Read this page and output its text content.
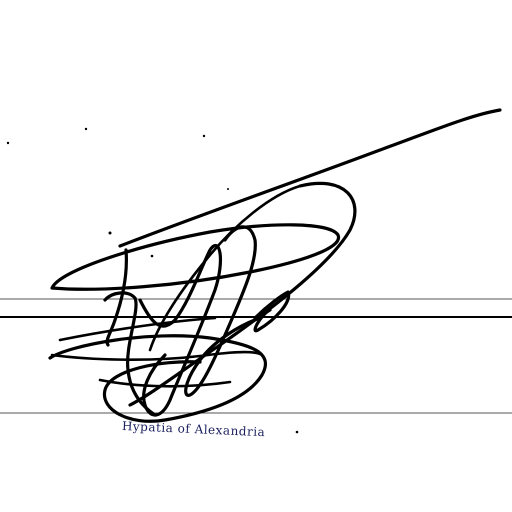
Hypatia of Alexandria
